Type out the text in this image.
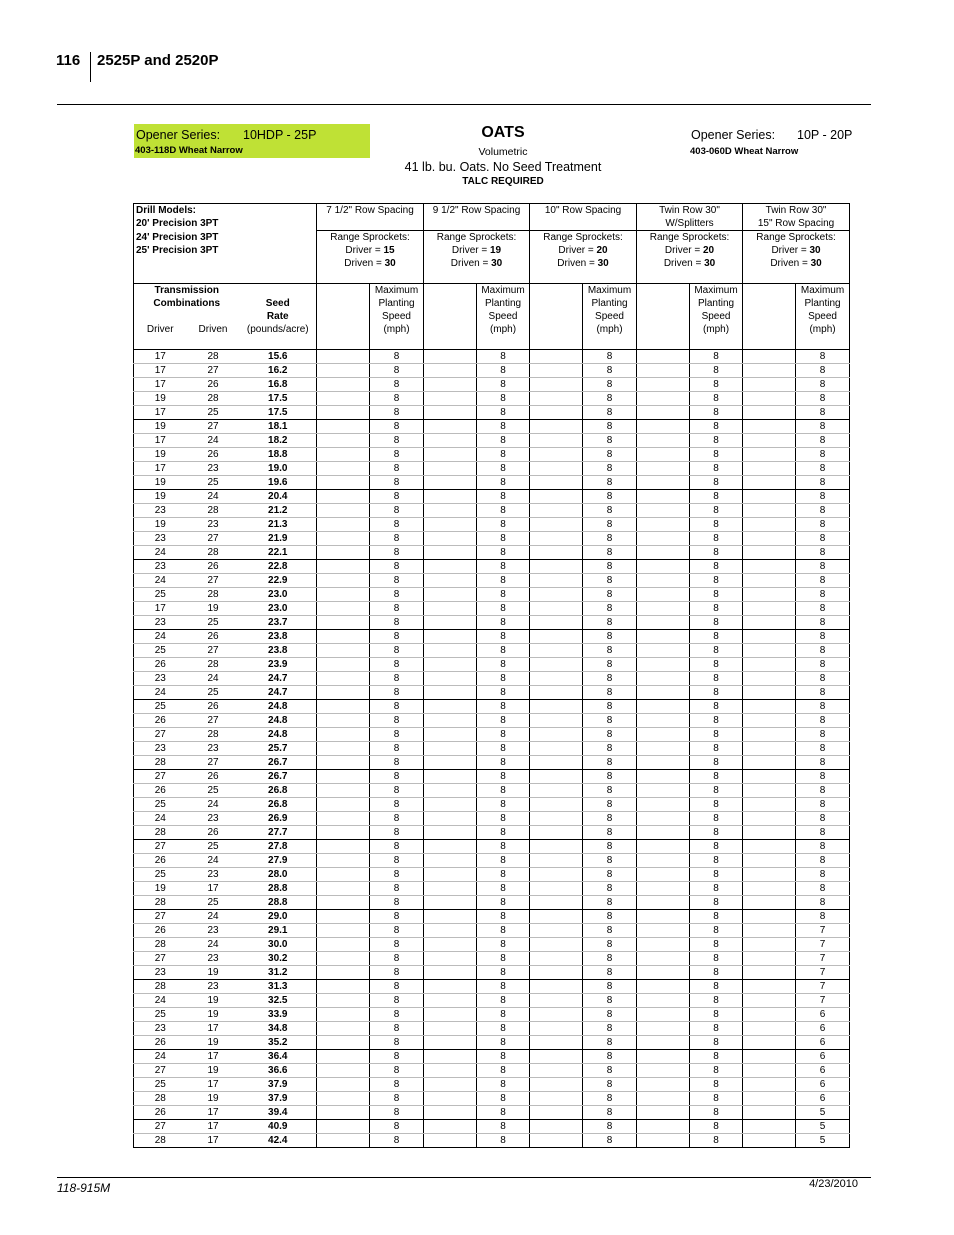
116 2525P and 2520P
Opener Series: 10HDP - 25P
403-118D Wheat Narrow
OATS
Volumetric
41 lb. bu. Oats. No Seed Treatment
TALC REQUIRED
Opener Series: 10P - 20P
403-060D Wheat Narrow
Drill Models:			7 1/2" Row Spacing		9 1/2" Row Spacing		10" Row Spacing		Twin Row 30"		Twin Row 30"	
20' Precision 3PT									W/Splitters		15" Row Spacing	
24' Precision 3PT			Range Sprockets:		Range Sprockets:		Range Sprockets:		Range Sprockets:		Range Sprockets:	
25' Precision 3PT			Driver = 15		Driver = 19		Driver = 20		Driver = 20		Driver = 30	
			Driven = 30		Driven = 30		Driven = 30		Driven = 30		Driven = 30	

Transmission				Maximum		Maximum		Maximum		Maximum		Maximum
Combinations		Seed		Planting		Planting		Planting		Planting		Planting
		Rate		Speed		Speed		Speed		Speed		Speed
Driver	Driven	(pounds/acre)		(mph)		(mph)		(mph)		(mph)		(mph)

17	28	15.6		8		8		8		8		8
17	27	16.2		8		8		8		8		8
17	26	16.8		8		8		8		8		8
19	28	17.5		8		8		8		8		8
17	25	17.5		8		8		8		8		8
19	27	18.1		8		8		8		8		8
17	24	18.2		8		8		8		8		8
19	26	18.8		8		8		8		8		8
17	23	19.0		8		8		8		8		8
19	25	19.6		8		8		8		8		8
19	24	20.4		8		8		8		8		8
23	28	21.2		8		8		8		8		8
19	23	21.3		8		8		8		8		8
23	27	21.9		8		8		8		8		8
24	28	22.1		8		8		8		8		8
23	26	22.8		8		8		8		8		8
24	27	22.9		8		8		8		8		8
25	28	23.0		8		8		8		8		8
17	19	23.0		8		8		8		8		8
23	25	23.7		8		8		8		8		8
24	26	23.8		8		8		8		8		8
25	27	23.8		8		8		8		8		8
26	28	23.9		8		8		8		8		8
23	24	24.7		8		8		8		8		8
24	25	24.7		8		8		8		8		8
25	26	24.8		8		8		8		8		8
26	27	24.8		8		8		8		8		8
27	28	24.8		8		8		8		8		8
23	23	25.7		8		8		8		8		8
28	27	26.7		8		8		8		8		8
27	26	26.7		8		8		8		8		8
26	25	26.8		8		8		8		8		8
25	24	26.8		8		8		8		8		8
24	23	26.9		8		8		8		8		8
28	26	27.7		8		8		8		8		8
27	25	27.8		8		8		8		8		8
26	24	27.9		8		8		8		8		8
25	23	28.0		8		8		8		8		8
19	17	28.8		8		8		8		8		8
28	25	28.8		8		8		8		8		8
27	24	29.0		8		8		8		8		8
26	23	29.1		8		8		8		8		7
28	24	30.0		8		8		8		8		7
27	23	30.2		8		8		8		8		7
23	19	31.2		8		8		8		8		7
28	23	31.3		8		8		8		8		7
24	19	32.5		8		8		8		8		7
25	19	33.9		8		8		8		8		6
23	17	34.8		8		8		8		8		6
26	19	35.2		8		8		8		8		6
24	17	36.4		8		8		8		8		6
27	19	36.6		8		8		8		8		6
25	17	37.9		8		8		8		8		6
28	19	37.9		8		8		8		8		6
26	17	39.4		8		8		8		8		5
27	17	40.9		8		8		8		8		5
28	17	42.4		8		8		8		8		5
118-915M	4/23/2010
